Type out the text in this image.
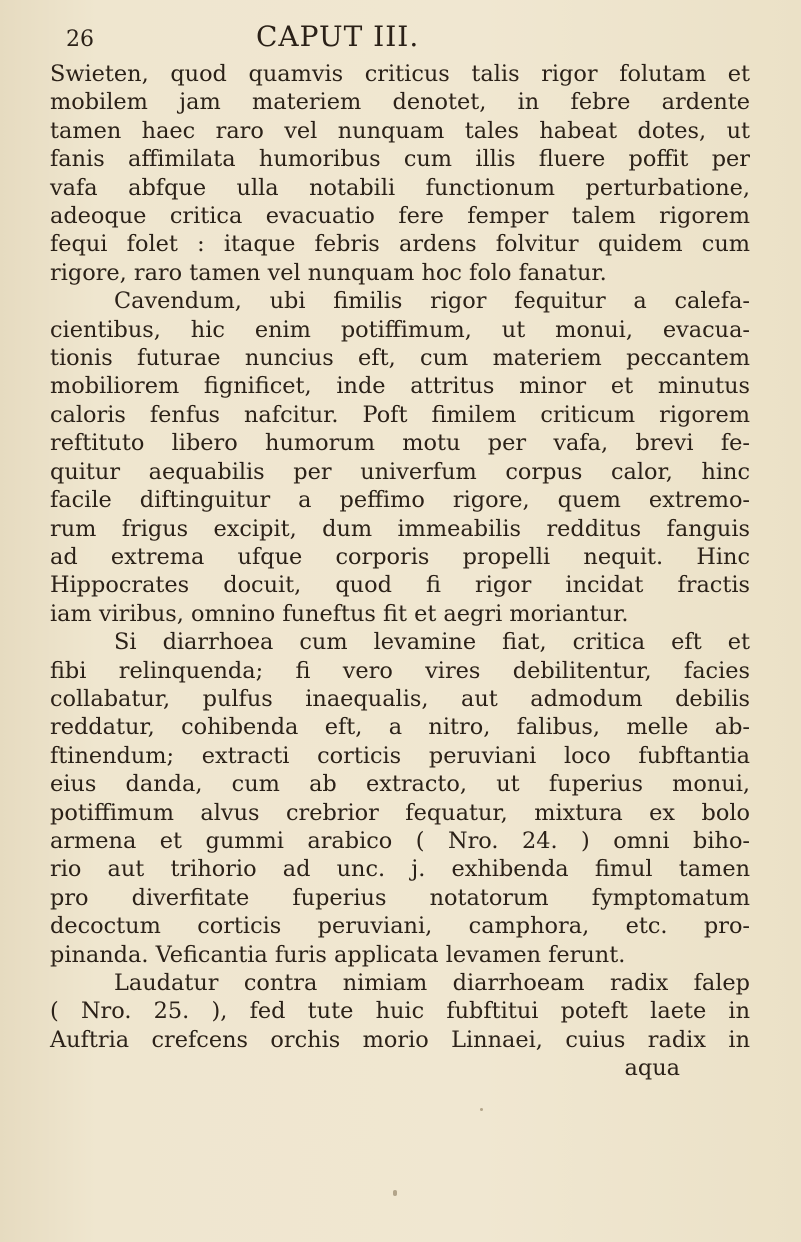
26	CAPUT III.
Swieten, quod quamvis criticus talis rigor folutam et
mobilem jam materiem denotet, in febre ardente
tamen haec raro vel nunquam tales habeat dotes, ut
fanis affimilata humoribus cum illis fluere poffit per
vafa abfque ulla notabili functionum perturbatione,
adeoque critica evacuatio fere femper talem rigorem
fequi folet : itaque febris ardens folvitur quidem cum
rigore, raro tamen vel nunquam hoc folo fanatur.
Cavendum, ubi fimilis rigor fequitur a calefa-
cientibus, hic enim potiffimum, ut monui, evacua-
tionis futurae nuncius eft, cum materiem peccantem
mobiliorem fignificet, inde attritus minor et minutus
caloris fenfus nafcitur. Poft fimilem criticum rigorem
reftituto libero humorum motu per vafa, brevi fe-
quitur aequabilis per univerfum corpus calor, hinc
facile diftinguitur a peffimo rigore, quem extremo-
rum frigus excipit, dum immeabilis redditus fanguis
ad extrema ufque corporis propelli nequit. Hinc
Hippocrates docuit, quod fi rigor incidat fractis
iam viribus, omnino funeftus fit et aegri moriantur.
Si diarrhoea cum levamine fiat, critica eft et
fibi relinquenda; fi vero vires debilitentur, facies
collabatur, pulfus inaequalis, aut admodum debilis
reddatur, cohibenda eft, a nitro, falibus, melle ab-
ftinendum; extracti corticis peruviani loco fubftantia
eius danda, cum ab extracto, ut fuperius monui,
potiffimum alvus crebrior fequatur, mixtura ex bolo
armena et gummi arabico ( Nro. 24. ) omni biho-
rio aut trihorio ad unc. j. exhibenda fimul tamen
pro diverfitate fuperius notatorum fymptomatum
decoctum corticis peruviani, camphora, etc. pro-
pinanda. Veficantia furis applicata levamen ferunt.
Laudatur contra nimiam diarrhoeam radix falep
( Nro. 25. ), fed tute huic fubftitui poteft laete in
Auftria crefcens orchis morio Linnaei, cuius radix in
aqua
